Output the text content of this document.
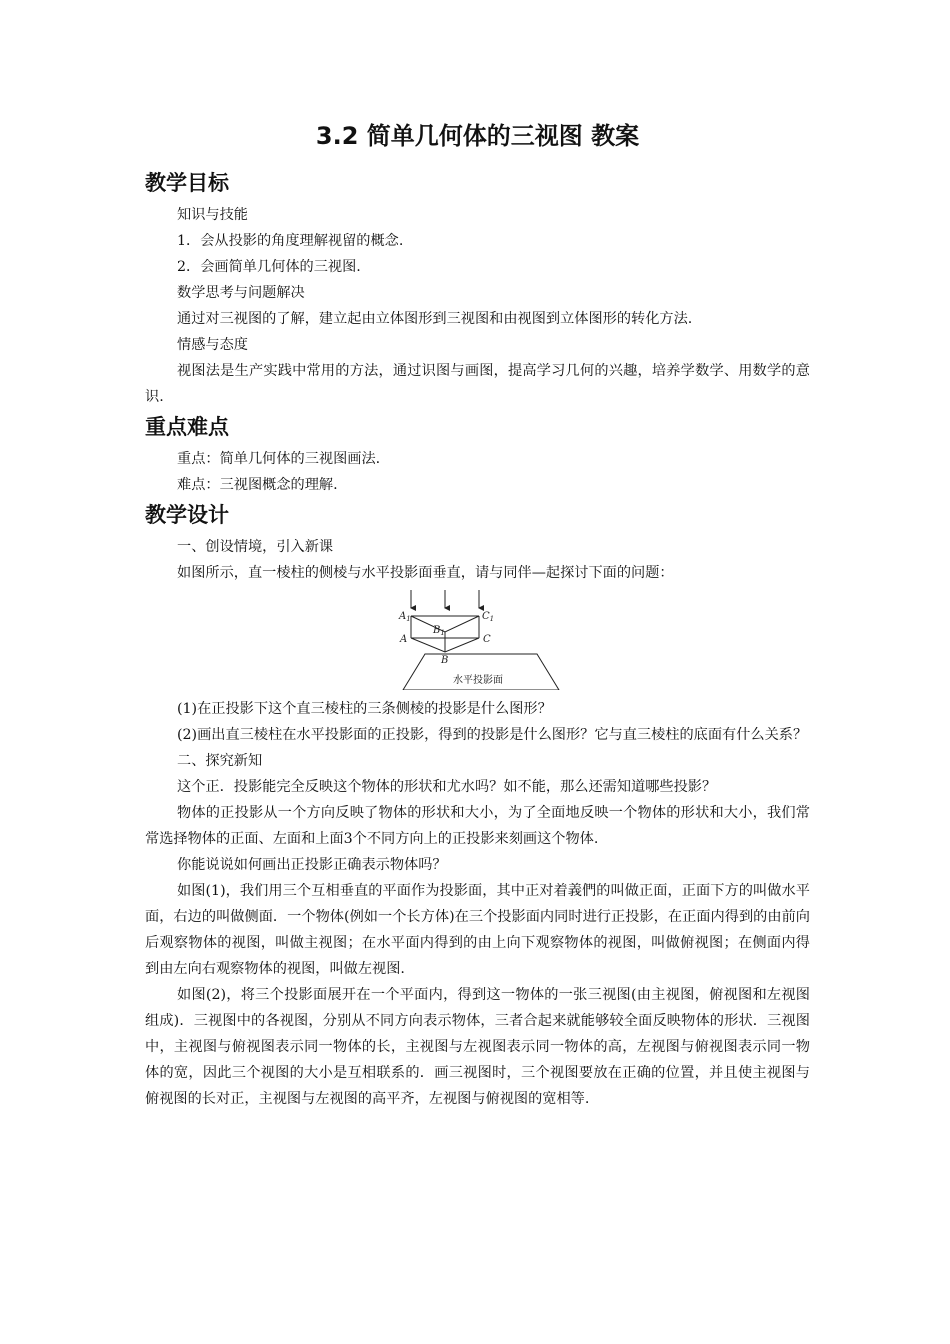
3.2 简单几何体的三视图 教案
教学目标

知识与技能

1．会从投影的角度理解视留的概念.

2．会画简单几何体的三视图.

数学思考与问题解决

通过对三视图的了解，建立起由立体图形到三视图和由视图到立体图形的转化方法.

情感与态度

视图法是生产实践中常用的方法，通过识图与画图，提高学习几何的兴趣，培养学数学、用数学的意识.

重点难点

重点：简单几何体的三视图画法.

难点：三视图概念的理解.

教学设计

一、创设情境，引入新课

如图所示，直一棱柱的侧棱与水平投影面垂直，请与同伴—起探讨下面的问题：

$A_1$
$B_1$
$C_1$
A
B
C
水平投影面

(1)在正投影下这个直三棱柱的三条侧棱的投影是什么图形？

(2)画出直三棱柱在水平投影面的正投影，得到的投影是什么图形？它与直三棱柱的底面有什么关系？

二、探究新知

这个正．投影能完全反映这个物体的形状和尤水吗？如不能，那么还需知道哪些投影？

物体的正投影从一个方向反映了物体的形状和大小，为了全面地反映一个物体的形状和大小，我们常常选择物体的正面、左面和上面3个不同方向上的正投影来刻画这个物体.

你能说说如何画出正投影正确表示物体吗？

如图(1)，我们用三个互相垂直的平面作为投影面，其中正对着義們的叫做正面，正面下方的叫做水平面，右边的叫做侧面．一个物体(例如一个长方体)在三个投影面内同时进行正投影，在正面内得到的由前向后观察物体的视图，叫做主视图；在水平面内得到的由上向下观察物体的视图，叫做俯视图；在侧面内得到由左向右观察物体的视图，叫做左视图.

如图(2)，将三个投影面展开在一个平面内，得到这一物体的一张三视图(由主视图，俯视图和左视图组成)．三视图中的各视图，分别从不同方向表示物体，三者合起来就能够较全面反映物体的形状．三视图中，主视图与俯视图表示同一物体的长，主视图与左视图表示同一物体的高，左视图与俯视图表示同一物体的宽，因此三个视图的大小是互相联系的．画三视图时，三个视图要放在正确的位置，并且使主视图与俯视图的长对正，主视图与左视图的高平齐，左视图与俯视图的宽相等.
